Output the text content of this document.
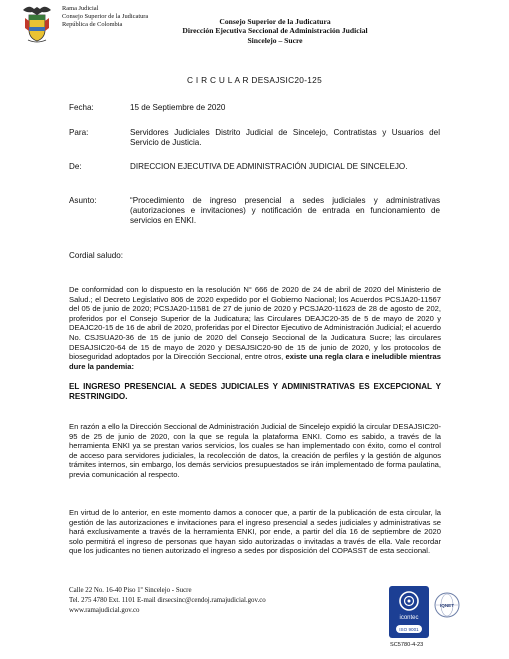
Rama Judicial
Consejo Superior de la Judicatura
República de Colombia	Consejo Superior de la Judicatura
Dirección Ejecutiva Seccional de Administración Judicial
Sincelejo – Sucre
C I R C U L A R DESAJSIC20-125
Fecha:	15 de Septiembre de 2020
Para:	Servidores Judiciales Distrito Judicial de Sincelejo, Contratistas y Usuarios del Servicio de Justicia.
De:	DIRECCION EJECUTIVA DE ADMINISTRACIÓN JUDICIAL DE SINCELEJO.
Asunto:	“Procedimiento de ingreso presencial a sedes judiciales y administrativas (autorizaciones e invitaciones) y notificación de entrada en funcionamiento de servicios en ENKI.
Cordial saludo:
De conformidad con lo dispuesto en la resolución N° 666 de 2020 de 24 de abril de 2020 del Ministerio de Salud.; el Decreto Legislativo 806 de 2020 expedido por el Gobierno Nacional; los Acuerdos PCSJA20-11567 del 05 de junio de 2020; PCSJA20-11581 de 27 de junio de 2020 y PCSJA20-11623 de 28 de agosto de 202, proferidos por el Consejo Superior de la Judicatura; las Circulares DEAJC20-35 de 5 de mayo de 2020 y DEAJC20-15 de 16 de abril de 2020, proferidas por el Director Ejecutivo de Administración Judicial; el acuerdo No. CSJSUA20-36 de 15 de junio de 2020 del Consejo Seccional de la Judicatura Sucre; las circulares DESAJSIC20-64 de 15 de mayo de 2020 y DESAJSIC20-90 de 15 de junio de 2020, y los protocolos de bioseguridad adoptados por la Dirección Seccional, entre otros, existe una regla clara e ineludible mientras dure la pandemia:
EL INGRESO PRESENCIAL A SEDES JUDICIALES Y ADMINISTRATIVAS ES EXCEPCIONAL Y RESTRINGIDO.
En razón a ello la Dirección Seccional de Administración Judicial de Sincelejo expidió la circular DESAJSIC20-95 de 25 de junio de 2020, con la que se regula la plataforma ENKI. Como es sabido, a través de la herramienta ENKI ya se prestan varios servicios, los cuales se han implementado con éxito, como el control de acceso para servidores judiciales, la recolección de datos, la creación de perfiles y la gestión de algunos trámites internos, sin embargo, los demás servicios presupuestados se irán implementado de forma paulatina, previa comunicación al respecto.
En virtud de lo anterior, en este momento damos a conocer que, a partir de la publicación de esta circular, la gestión de las autorizaciones e invitaciones para el ingreso presencial a sedes judiciales y administrativas se hará exclusivamente a través de la herramienta ENKI, por ende, a partir del día 16 de septiembre de 2020 solo permitirá el ingreso de personas que hayan sido autorizadas o invitadas a través de ella. Vale recordar que los judicantes no tienen autorizado el ingreso a sedes por disposición del COPASST de esta seccional.
Calle 22 No. 16-40 Piso 1º Sincelejo - Sucre
Tel. 275 4780 Ext. 1101 E-mail dirsecsinc@cendoj.ramajudicial.gov.co
www.ramajudicial.gov.co
icontec
ISO 9001
IQNET
SC5780-4-23
